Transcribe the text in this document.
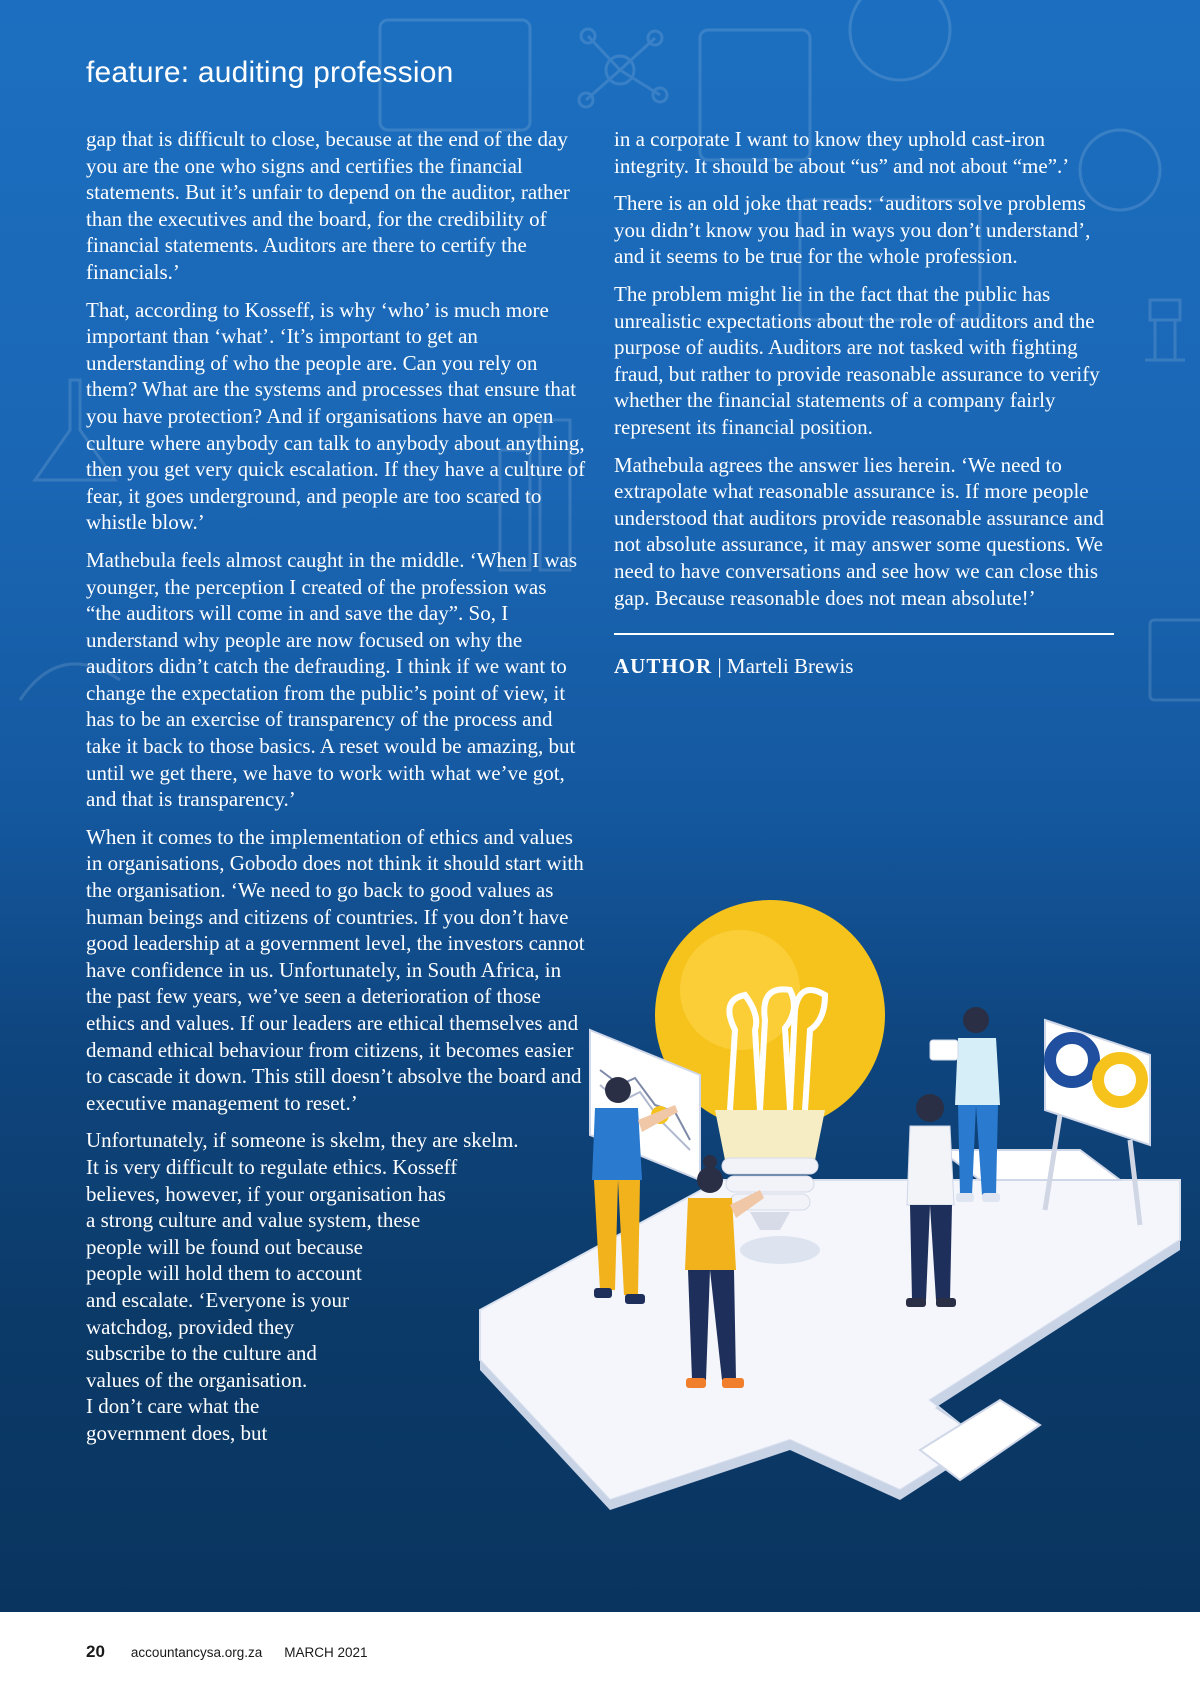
feature: auditing profession

gap that is difficult to close, because at the end of the day you are the one who signs and certifies the financial statements. But it’s unfair to depend on the auditor, rather than the executives and the board, for the credibility of financial statements. Auditors are there to certify the financials.’

That, according to Kosseff, is why ‘who’ is much more important than ‘what’. ‘It’s important to get an understanding of who the people are. Can you rely on them? What are the systems and processes that ensure that you have protection? And if organisations have an open culture where anybody can talk to anybody about anything, then you get very quick escalation. If they have a culture of fear, it goes underground, and people are too scared to whistle blow.’

Mathebula feels almost caught in the middle. ‘When I was younger, the perception I created of the profession was “the auditors will come in and save the day”. So, I understand why people are now focused on why the auditors didn’t catch the defrauding. I think if we want to change the expectation from the public’s point of view, it has to be an exercise of transparency of the process and take it back to those basics. A reset would be amazing, but until we get there, we have to work with what we’ve got, and that is transparency.’

When it comes to the implementation of ethics and values in organisations, Gobodo does not think it should start with the organisation. ‘We need to go back to good values as human beings and citizens of countries. If you don’t have good leadership at a government level, the investors cannot have confidence in us. Unfortunately, in South Africa, in the past few years, we’ve seen a deterioration of those ethics and values. If our leaders are ethical themselves and demand ethical behaviour from citizens, it becomes easier to cascade it down. This still doesn’t absolve the board and executive management to reset.’

Unfortunately, if someone is skelm, they are skelm.

It is very difficult to regulate ethics. Kosseff

believes, however, if your organisation has

a strong culture and value system, these

people will be found out because

people will hold them to account

and escalate. ‘Everyone is your

watchdog, provided they

subscribe to the culture and

values of the organisation.

I don’t care what the

government does, but

in a corporate I want to know they uphold cast-iron integrity. It should be about “us” and not about “me”.’

There is an old joke that reads: ‘auditors solve problems you didn’t know you had in ways you don’t understand’, and it seems to be true for the whole profession.

The problem might lie in the fact that the public has unrealistic expectations about the role of auditors and the purpose of audits. Auditors are not tasked with fighting fraud, but rather to provide reasonable assurance to verify whether the financial statements of a company fairly represent its financial position.

Mathebula agrees the answer lies herein. ‘We need to extrapolate what reasonable assurance is. If more people understood that auditors provide reasonable assurance and not absolute assurance, it may answer some questions. We need to have conversations and see how we can close this gap. Because reasonable does not mean absolute!’

AUTHOR | Marteli Brewis
20 accountancysa.org.za MARCH 2021
